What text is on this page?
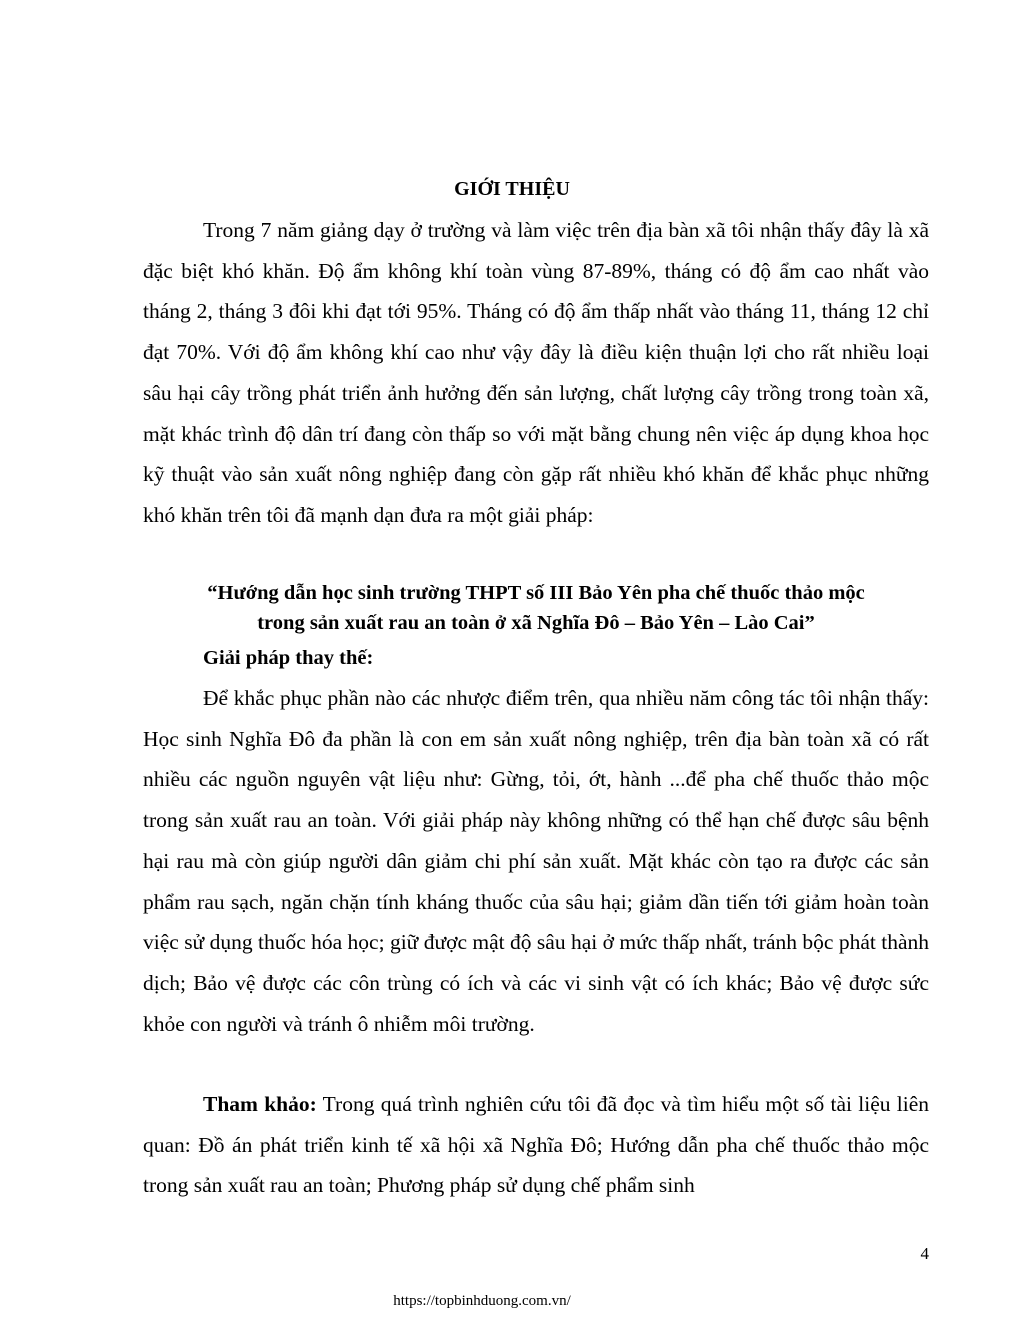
GIỚI THIỆU

Trong 7 năm giảng dạy ở trường và làm việc trên địa bàn xã tôi nhận thấy đây là xã đặc biệt khó khăn. Độ ẩm không khí toàn vùng 87-89%, tháng có độ ẩm cao nhất vào tháng 2, tháng 3 đôi khi đạt tới 95%. Tháng có độ ẩm thấp nhất vào tháng 11, tháng 12 chỉ đạt 70%. Với độ ẩm không khí cao như vậy đây là điều kiện thuận lợi cho rất nhiều loại sâu hại cây trồng phát triển ảnh hưởng đến sản lượng, chất lượng cây trồng trong toàn xã, mặt khác trình độ dân trí đang còn thấp so với mặt bằng chung nên việc áp dụng khoa học kỹ thuật vào sản xuất nông nghiệp đang còn gặp rất nhiều khó khăn để khắc phục những khó khăn trên tôi đã mạnh dạn đưa ra một giải pháp:

“Hướng dẫn học sinh trường THPT số III Bảo Yên pha chế thuốc thảo mộc
trong sản xuất rau an toàn ở xã Nghĩa Đô – Bảo Yên – Lào Cai”
Giải pháp thay thế:

Để khắc phục phần nào các nhược điểm trên, qua nhiều năm công tác tôi nhận thấy: Học sinh Nghĩa Đô đa phần là con em sản xuất nông nghiệp, trên địa bàn toàn xã có rất nhiều các nguồn nguyên vật liệu như: Gừng, tỏi, ớt, hành ...để pha chế thuốc thảo mộc trong sản xuất rau an toàn. Với giải pháp này không những có thể hạn chế được sâu bệnh hại rau mà còn giúp người dân giảm chi phí sản xuất. Mặt khác còn tạo ra được các sản phẩm rau sạch, ngăn chặn tính kháng thuốc của sâu hại; giảm dần tiến tới giảm hoàn toàn việc sử dụng thuốc hóa học; giữ được mật độ sâu hại ở mức thấp nhất, tránh bộc phát thành dịch; Bảo vệ được các côn trùng có ích và các vi sinh vật có ích khác; Bảo vệ được sức khỏe con người và tránh ô nhiễm môi trường.

Tham khảo: Trong quá trình nghiên cứu tôi đã đọc và tìm hiểu một số tài liệu liên quan: Đồ án phát triển kinh tế xã hội xã Nghĩa Đô; Hướng dẫn pha chế thuốc thảo mộc trong sản xuất rau an toàn; Phương pháp sử dụng chế phẩm sinh

4
https://topbinhduong.com.vn/
